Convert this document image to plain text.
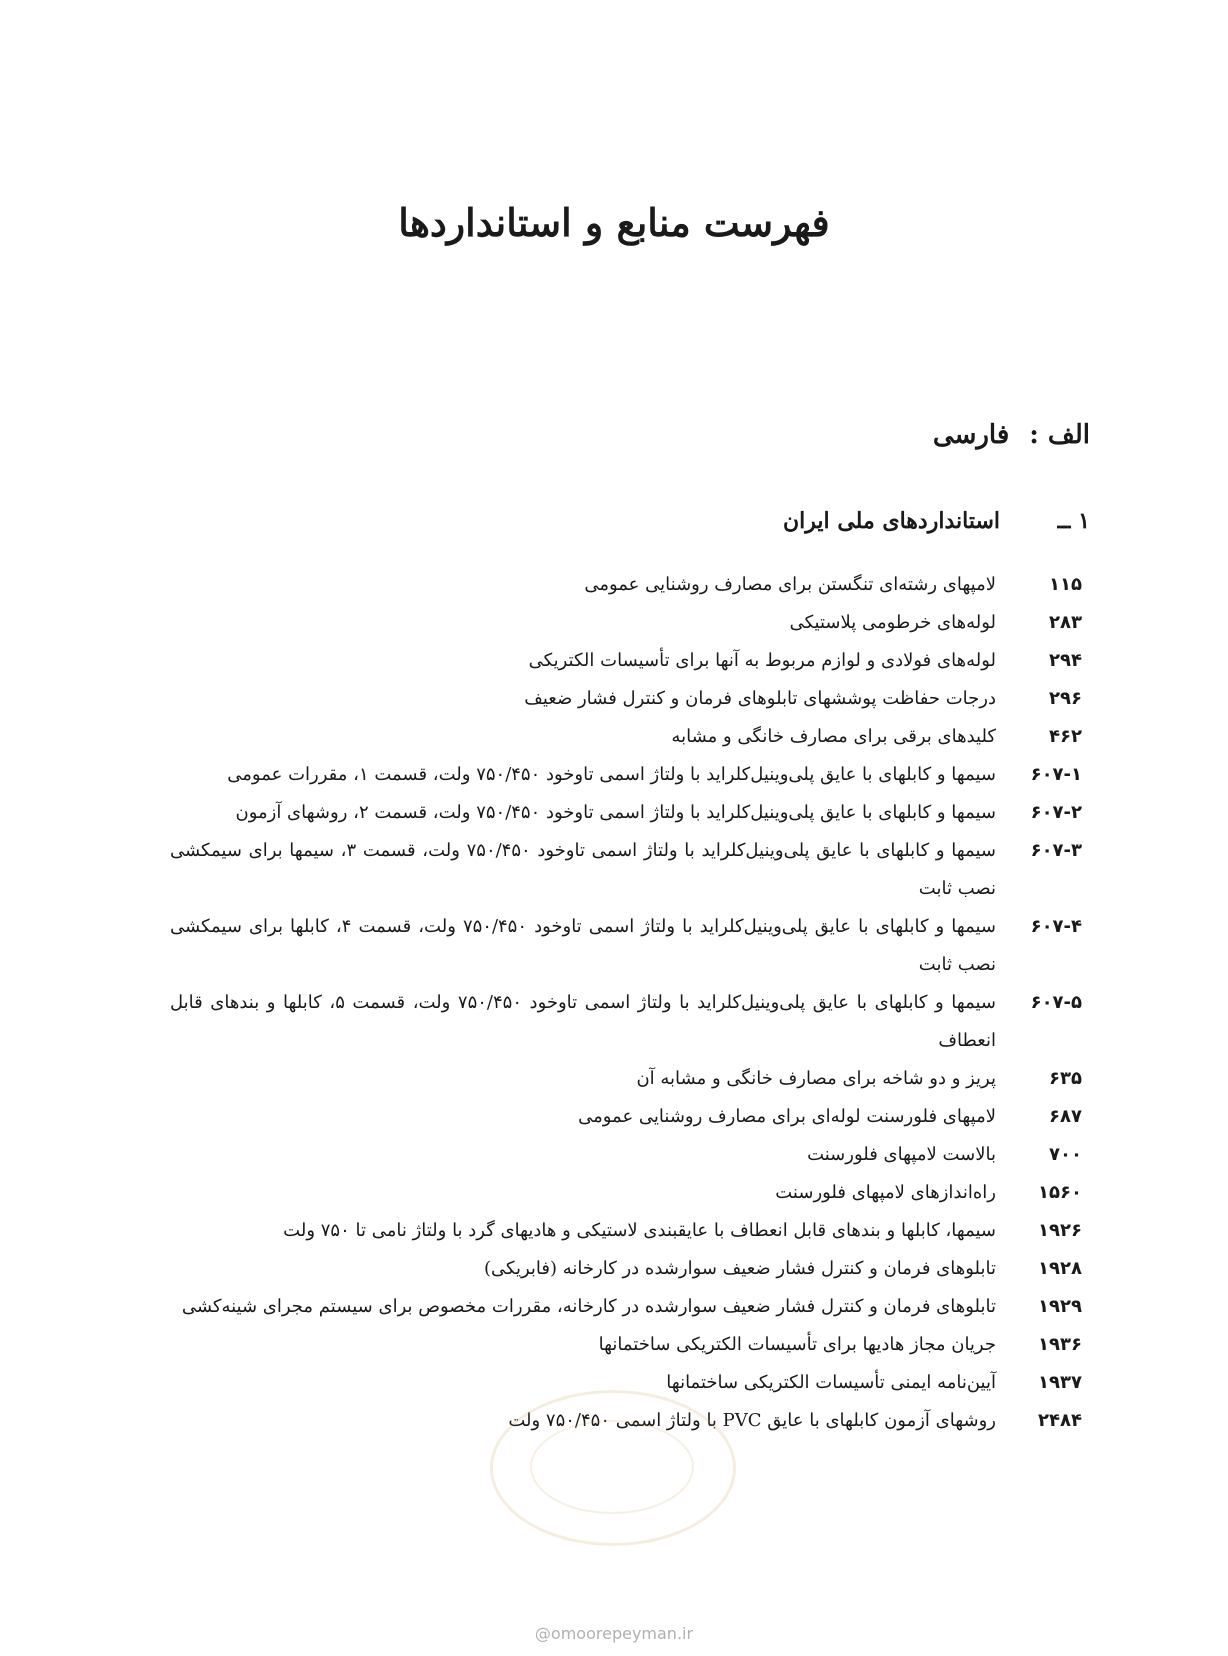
فهرست منابع و استانداردها
الف :
فارسی
۱ ــ
استانداردهای ملی ایران
۱۱۵
لامپهای رشته‌ای تنگستن برای مصارف روشنایی عمومی
۲۸۳
لوله‌های خرطومی پلاستیکی
۲۹۴
لوله‌های فولادی و لوازم مربوط به آنها برای تأسیسات الکتریکی
۲۹۶
درجات حفاظت پوششهای تابلوهای فرمان و کنترل فشار ضعیف
۴۶۲
کلیدهای برقی برای مصارف خانگی و مشابه
۶۰۷-۱
سیمها و کابلهای با عایق پلی‌وینیل‌کلراید با ولتاژ اسمی تاوخود ۷۵۰/۴۵۰ ولت، قسمت ۱، مقررات عمومی
۶۰۷-۲
سیمها و کابلهای با عایق پلی‌وینیل‌کلراید با ولتاژ اسمی تاوخود ۷۵۰/۴۵۰ ولت، قسمت ۲، روشهای آزمون
۶۰۷-۳
سیمها و کابلهای با عایق پلی‌وینیل‌کلراید با ولتاژ اسمی تاوخود ۷۵۰/۴۵۰ ولت، قسمت ۳، سیمها برای سیمکشی نصب ثابت
۶۰۷-۴
سیمها و کابلهای با عایق پلی‌وینیل‌کلراید با ولتاژ اسمی تاوخود ۷۵۰/۴۵۰ ولت، قسمت ۴، کابلها برای سیمکشی نصب ثابت
۶۰۷-۵
سیمها و کابلهای با عایق پلی‌وینیل‌کلراید با ولتاژ اسمی تاوخود ۷۵۰/۴۵۰ ولت، قسمت ۵، کابلها و بندهای قابل انعطاف
۶۳۵
پریز و دو شاخه برای مصارف خانگی و مشابه آن
۶۸۷
لامپهای فلورسنت لوله‌ای برای مصارف روشنایی عمومی
۷۰۰
بالاست لامپهای فلورسنت
۱۵۶۰
راه‌اندازهای لامپهای فلورسنت
۱۹۲۶
سیمها، کابلها و بندهای قابل انعطاف با عایقبندی لاستیکی و هادیهای گرد با ولتاژ نامی تا ۷۵۰ ولت
۱۹۲۸
تابلوهای فرمان و کنترل فشار ضعیف سوارشده در کارخانه (فابریکی)
۱۹۲۹
تابلوهای فرمان و کنترل فشار ضعیف سوارشده در کارخانه، مقررات مخصوص برای سیستم مجرای شینه‌کشی
۱۹۳۶
جریان مجاز هادیها برای تأسیسات الکتریکی ساختمانها
۱۹۳۷
آیین‌نامه ایمنی تأسیسات الکتریکی ساختمانها
۲۴۸۴
روشهای آزمون کابلهای با عایق PVC با ولتاژ اسمی ۷۵۰/۴۵۰ ولت
@omoorepeyman.ir
